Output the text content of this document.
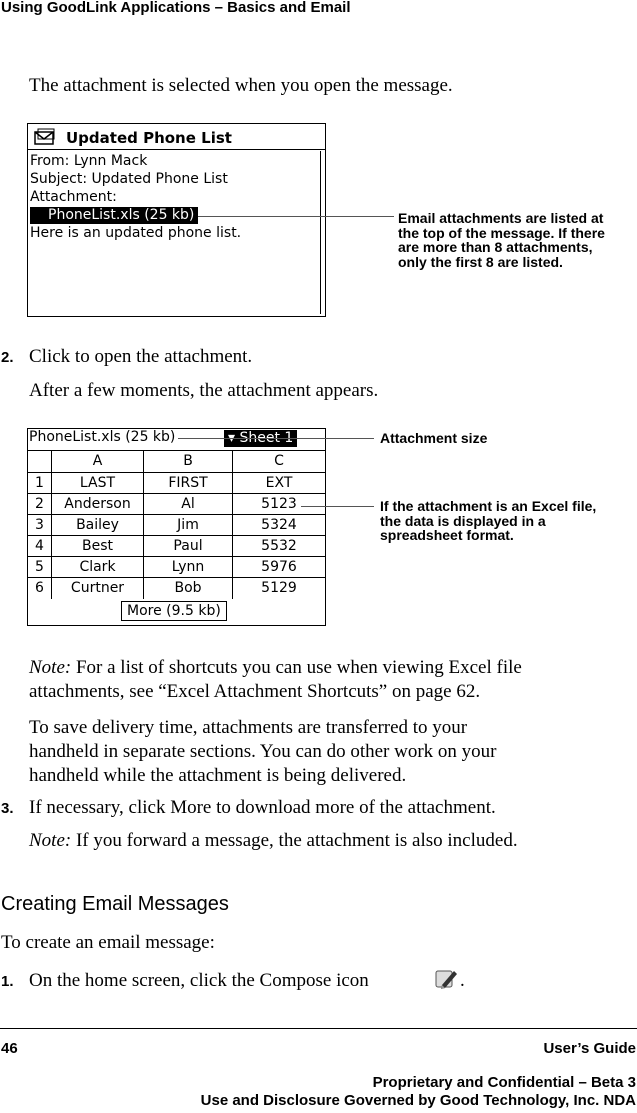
Using GoodLink Applications – Basics and Email
The attachment is selected when you open the message.
Updated Phone List
From: Lynn Mack
Subject: Updated Phone List
Attachment:
PhoneList.xls (25 kb)
Here is an updated phone list.
Email attachments are listed at
the top of the message. If there
are more than 8 attachments,
only the first 8 are listed.
2. Click to open the attachment.
After a few moments, the attachment appears.
PhoneList.xls (25 kb)	▾ Sheet 1
A	B	C
1	LAST	FIRST	EXT
2	Anderson	Al	5123
3	Bailey	Jim	5324
4	Best	Paul	5532
5	Clark	Lynn	5976
6	Curtner	Bob	5129
More (9.5 kb)
Attachment size
If the attachment is an Excel file,
the data is displayed in a
spreadsheet format.
Note: For a list of shortcuts you can use when viewing Excel file
attachments, see “Excel Attachment Shortcuts” on page 62.
To save delivery time, attachments are transferred to your
handheld in separate sections. You can do other work on your
handheld while the attachment is being delivered.
3. If necessary, click More to download more of the attachment.
Note: If you forward a message, the attachment is also included.
Creating Email Messages
To create an email message:
1. On the home screen, click the Compose icon	.
46	User’s Guide
Proprietary and Confidential – Beta 3
Use and Disclosure Governed by Good Technology, Inc. NDA
